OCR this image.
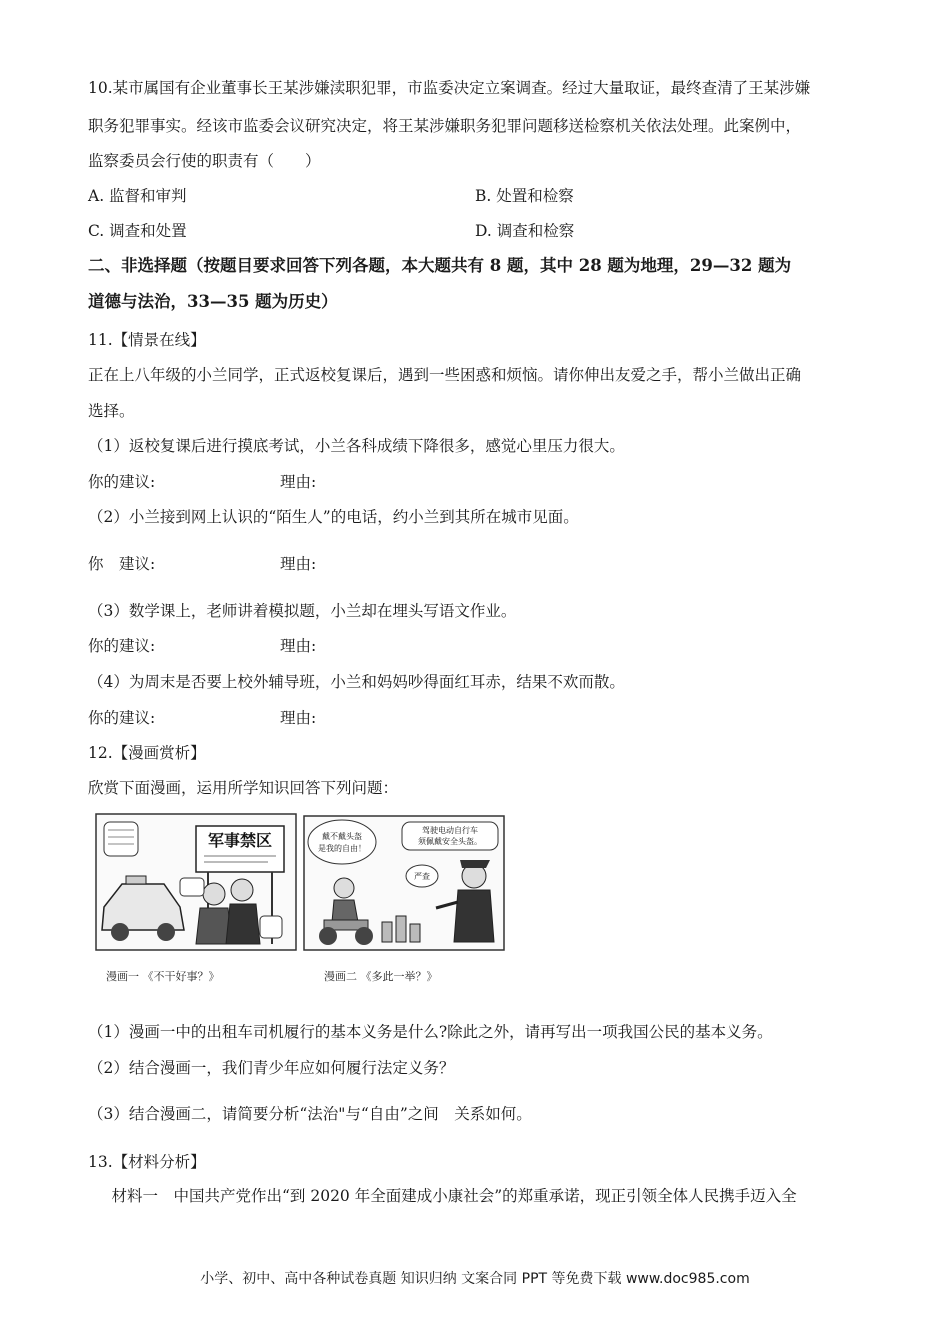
10.某市属国有企业董事长王某涉嫌渎职犯罪，市监委决定立案调查。经过大量取证，最终查清了王某涉嫌
职务犯罪事实。经该市监委会议研究决定，将王某涉嫌职务犯罪问题移送检察机关依法处理。此案例中，
监察委员会行使的职责有（　　）
A. 监督和审判	B. 处置和检察
C. 调查和处置	D. 调查和检察
二、非选择题（按题目要求回答下列各题，本大题共有 8 题，其中 28 题为地理，29—32 题为
道德与法治，33—35 题为历史）
11.【情景在线】
正在上八年级的小兰同学，正式返校复课后，遇到一些困惑和烦恼。请你伸出友爱之手，帮小兰做出正确
选择。
（1）返校复课后进行摸底考试，小兰各科成绩下降很多，感觉心里压力很大。
你的建议:	理由:
（2）小兰接到网上认识的“陌生人”的电话，约小兰到其所在城市见面。
你　建议:	理由:
（3）数学课上，老师讲着模拟题，小兰却在埋头写语文作业。
你的建议:	理由:
（4）为周末是否要上校外辅导班，小兰和妈妈吵得面红耳赤，结果不欢而散。
你的建议:	理由:
12.【漫画赏析】
欣赏下面漫画，运用所学知识回答下列问题：
军事禁区
漫画一 《不干好事？》
戴不戴头盔
是我的自由！
驾驶电动自行车
须佩戴安全头盔。
严查
漫画二 《多此一举？》
（1）漫画一中的出租车司机履行的基本义务是什么?除此之外，请再写出一项我国公民的基本义务。
（2）结合漫画一，我们青少年应如何履行法定义务？
（3）结合漫画二，请简要分析“法治"与“自由”之间　关系如何。
13.【材料分析】
　材料一　中国共产党作出“到 2020 年全面建成小康社会”的郑重承诺，现正引领全体人民携手迈入全
小学、初中、高中各种试卷真题 知识归纳 文案合同 PPT 等免费下载 www.doc985.com
